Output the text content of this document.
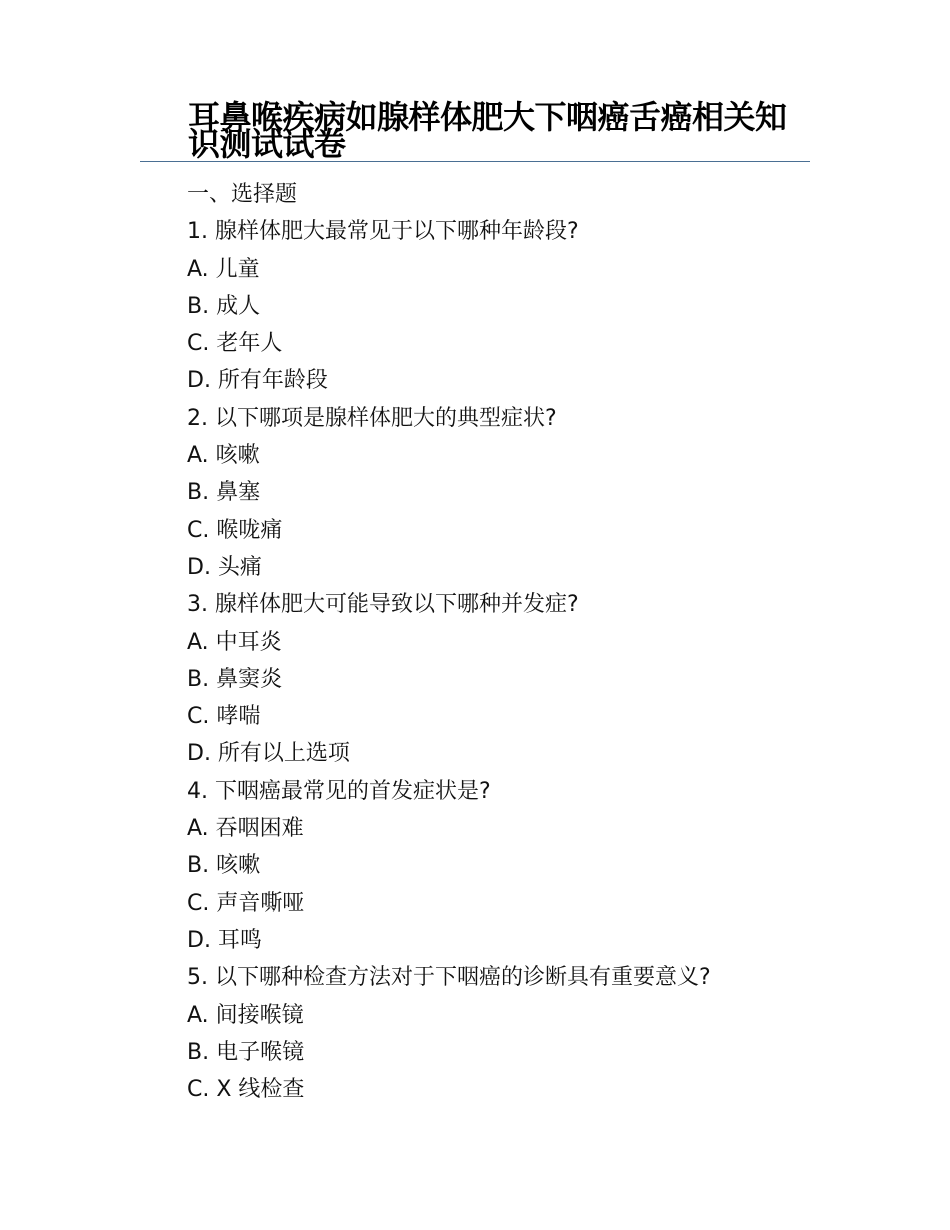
耳鼻喉疾病如腺样体肥大下咽癌舌癌相关知识测试试卷
一、选择题
1. 腺样体肥大最常见于以下哪种年龄段?
A. 儿童
B. 成人
C. 老年人
D. 所有年龄段
2. 以下哪项是腺样体肥大的典型症状?
A. 咳嗽
B. 鼻塞
C. 喉咙痛
D. 头痛
3. 腺样体肥大可能导致以下哪种并发症?
A. 中耳炎
B. 鼻窦炎
C. 哮喘
D. 所有以上选项
4. 下咽癌最常见的首发症状是?
A. 吞咽困难
B. 咳嗽
C. 声音嘶哑
D. 耳鸣
5. 以下哪种检查方法对于下咽癌的诊断具有重要意义?
A. 间接喉镜
B. 电子喉镜
C. X 线检查
